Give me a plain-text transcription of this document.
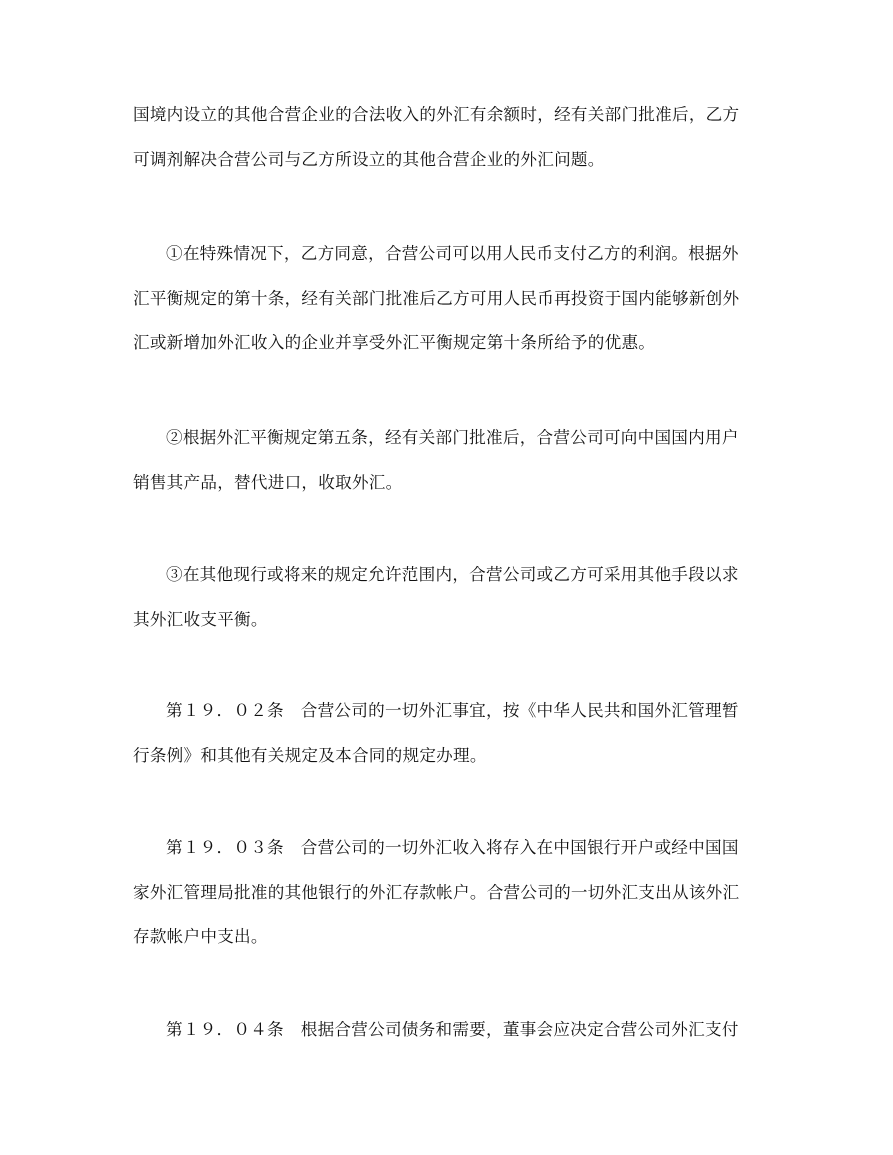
国境内设立的其他合营企业的合法收入的外汇有余额时，经有关部门批准后，乙方
可调剂解决合营公司与乙方所设立的其他合营企业的外汇问题。

①在特殊情况下，乙方同意，合营公司可以用人民币支付乙方的利润。根据外
汇平衡规定的第十条，经有关部门批准后乙方可用人民币再投资于国内能够新创外
汇或新增加外汇收入的企业并享受外汇平衡规定第十条所给予的优惠。

②根据外汇平衡规定第五条，经有关部门批准后，合营公司可向中国国内用户
销售其产品，替代进口，收取外汇。

③在其他现行或将来的规定允许范围内，合营公司或乙方可采用其他手段以求
其外汇收支平衡。

第１９．０２条　合营公司的一切外汇事宜，按《中华人民共和国外汇管理暂
行条例》和其他有关规定及本合同的规定办理。

第１９．０３条　合营公司的一切外汇收入将存入在中国银行开户或经中国国
家外汇管理局批准的其他银行的外汇存款帐户。合营公司的一切外汇支出从该外汇
存款帐户中支出。

第１９．０４条　根据合营公司债务和需要，董事会应决定合营公司外汇支付
